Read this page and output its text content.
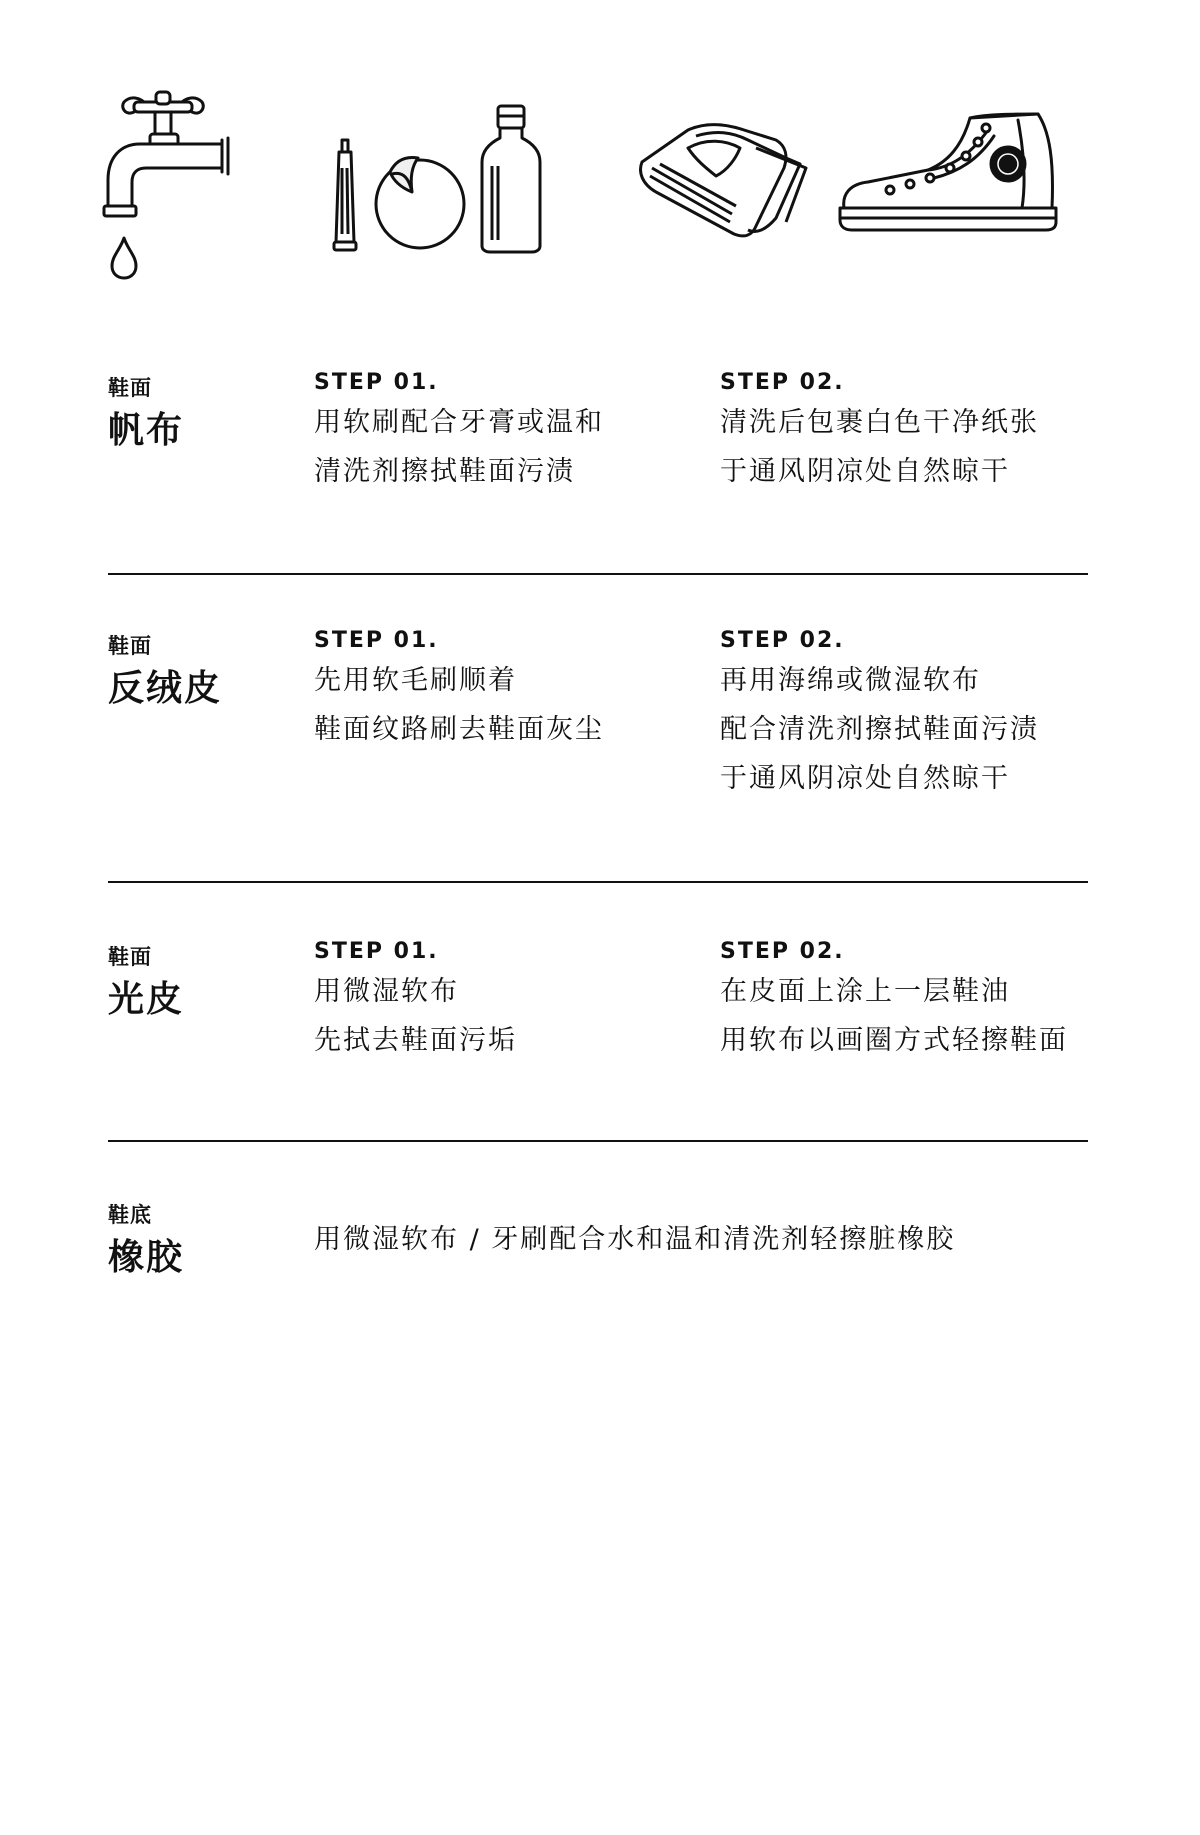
鞋面
帆布
STEP 01.
用软刷配合牙膏或温和
清洗剂擦拭鞋面污渍
STEP 02.
清洗后包裹白色干净纸张
于通风阴凉处自然晾干
鞋面
反绒皮
STEP 01.
先用软毛刷顺着
鞋面纹路刷去鞋面灰尘
STEP 02.
再用海绵或微湿软布
配合清洗剂擦拭鞋面污渍
于通风阴凉处自然晾干
鞋面
光皮
STEP 01.
用微湿软布
先拭去鞋面污垢
STEP 02.
在皮面上涂上一层鞋油
用软布以画圈方式轻擦鞋面
鞋底
橡胶	用微湿软布 / 牙刷配合水和温和清洗剂轻擦脏橡胶
